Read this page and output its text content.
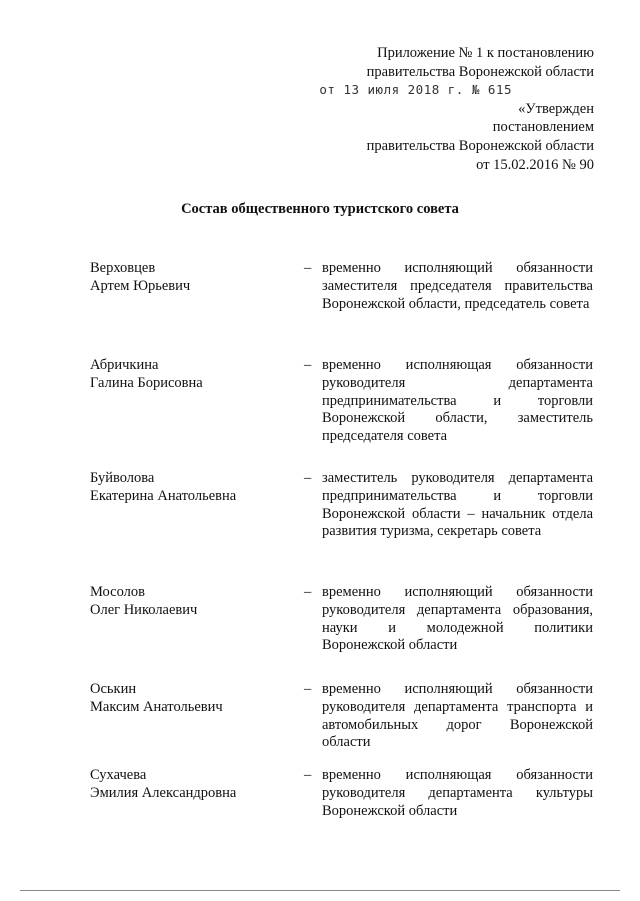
Приложение № 1 к постановлению
правительства Воронежской области
от 13 июля 2018 г. № 615
«Утвержден
постановлением
правительства Воронежской области
от 15.02.2016 № 90
Состав общественного туристского совета
Верховцев
Артем Юрьевич
– временно исполняющий обязанности заместителя председателя правительства Воронежской области, председатель совета
Абричкина
Галина Борисовна
– временно исполняющая обязанности руководителя департамента предпринимательства и торговли Воронежской области, заместитель председателя совета
Буйволова
Екатерина Анатольевна
– заместитель руководителя департамента предпринимательства и торговли Воронежской области – начальник отдела развития туризма, секретарь совета
Мосолов
Олег Николаевич
– временно исполняющий обязанности руководителя департамента образования, науки и молодежной политики Воронежской области
Оськин
Максим Анатольевич
– временно исполняющий обязанности руководителя департамента транспорта и автомобильных дорог Воронежской области
Сухачева
Эмилия Александровна
– временно исполняющая обязанности руководителя департамента культуры Воронежской области
